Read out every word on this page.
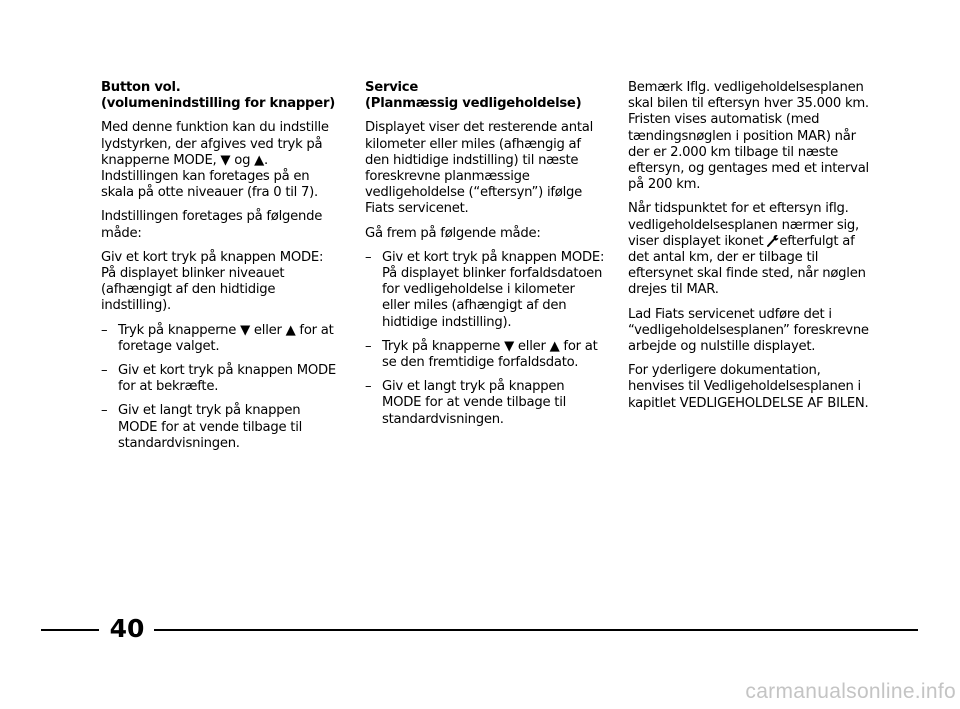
Button vol.
(volumenindstilling for knapper)

Med denne funktion kan du indstille lydstyrken, der afgives ved tryk på knapperne MODE, ▼ og ▲. Indstillingen kan foretages på en skala på otte niveauer (fra 0 til 7).

Indstillingen foretages på følgende måde:

Giv et kort tryk på knappen MODE: På displayet blinker niveauet (afhængigt af den hidtidige indstilling).

– Tryk på knapperne ▼ eller ▲ for at foretage valget.
– Giv et kort tryk på knappen MODE for at bekræfte.
– Giv et langt tryk på knappen MODE for at vende tilbage til standardvisningen.
Service
(Planmæssig vedligeholdelse)

Displayet viser det resterende antal kilometer eller miles (afhængig af den hidtidige indstilling) til næste foreskrevne planmæssige vedligeholdelse (“eftersyn”) ifølge Fiats servicenet.

Gå frem på følgende måde:

– Giv et kort tryk på knappen MODE: På displayet blinker forfaldsdatoen for vedligeholdelse i kilometer eller miles (afhængigt af den hidtidige indstilling).
– Tryk på knapperne ▼ eller ▲ for at se den fremtidige forfaldsdato.
– Giv et langt tryk på knappen MODE for at vende tilbage til standardvisningen.

Bemærk Iflg. vedligeholdelsesplanen skal bilen til eftersyn hver 35.000 km. Fristen vises automatisk (med tændingsnøglen i position MAR) når der er 2.000 km tilbage til næste eftersyn, og gentages med et interval på 200 km.

Når tidspunktet for et eftersyn iflg. vedligeholdelsesplanen nærmer sig, viser displayet ikonet efterfulgt af det antal km, der er tilbage til eftersynet skal finde sted, når nøglen drejes til MAR.

Lad Fiats servicenet udføre det i “vedligeholdelsesplanen” foreskrevne arbejde og nulstille displayet.

For yderligere dokumentation, henvises til Vedligeholdelsesplanen i kapitlet VEDLIGEHOLDELSE AF BILEN.

40
carmanualsonline.info
